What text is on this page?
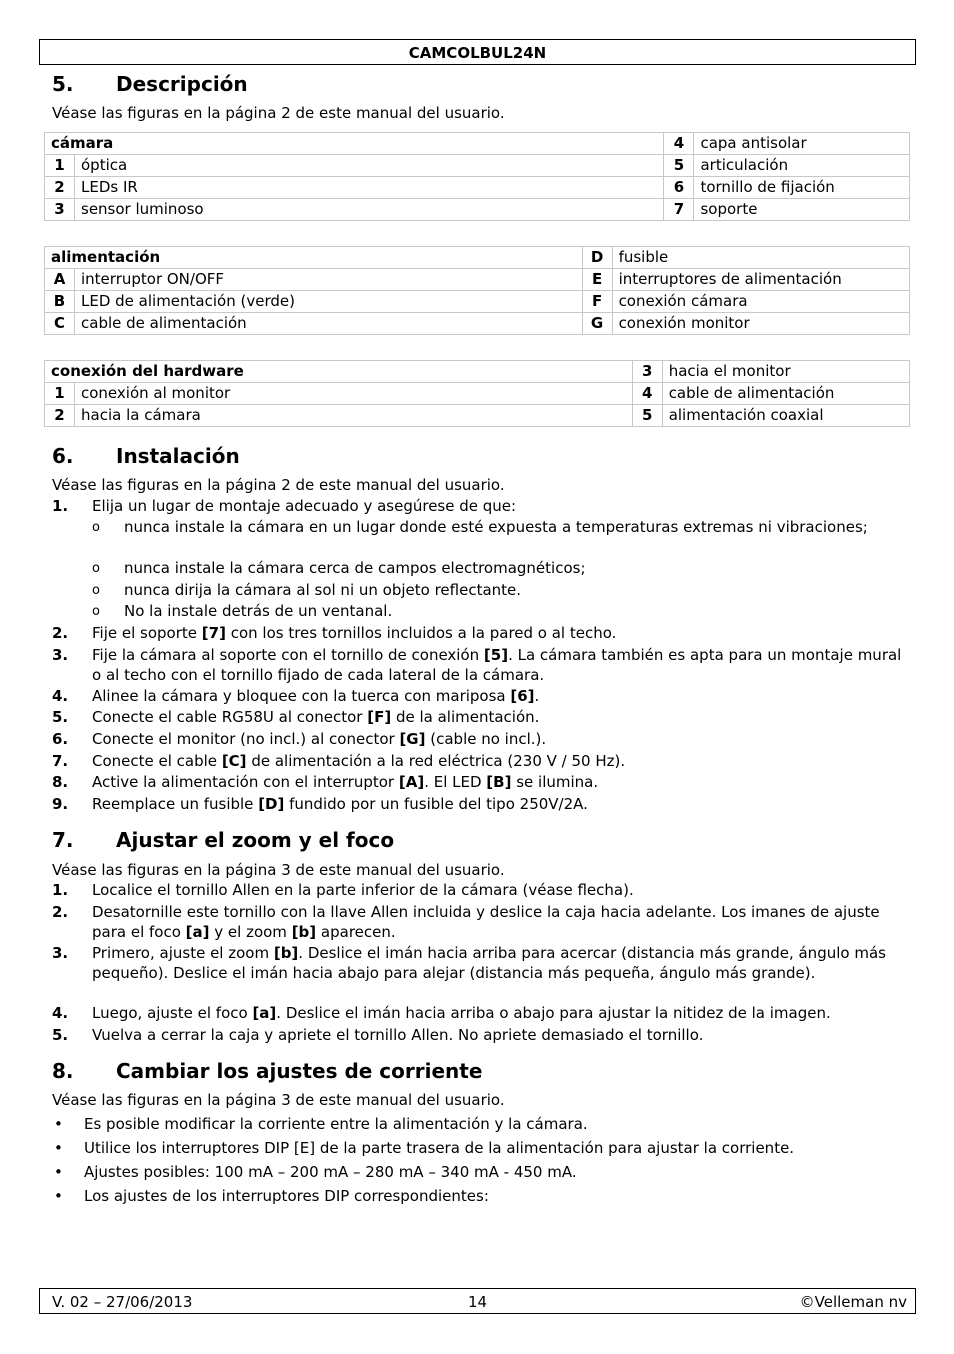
CAMCOLBUL24N
5. Descripción
Véase las figuras en la página 2 de este manual del usuario.
cámara		4	capa antisolar
1	óptica	5	articulación
2	LEDs IR	6	tornillo de fijación
3	sensor luminoso	7	soporte
alimentación		D	fusible
A	interruptor ON/OFF	E	interruptores de alimentación
B	LED de alimentación (verde)	F	conexión cámara
C	cable de alimentación	G	conexión monitor
conexión del hardware		3	hacia el monitor
1	conexión al monitor	4	cable de alimentación
2	hacia la cámara	5	alimentación coaxial
6. Instalación
Véase las figuras en la página 2 de este manual del usuario.
1. Elija un lugar de montaje adecuado y asegúrese de que:
o nunca instale la cámara en un lugar donde esté expuesta a temperaturas extremas ni vibraciones;
o nunca instale la cámara cerca de campos electromagnéticos;
o nunca dirija la cámara al sol ni un objeto reflectante.
o No la instale detrás de un ventanal.
2. Fije el soporte [7] con los tres tornillos incluidos a la pared o al techo.
3. Fije la cámara al soporte con el tornillo de conexión [5]. La cámara también es apta para un montaje mural o al techo con el tornillo fijado de cada lateral de la cámara.
4. Alinee la cámara y bloquee con la tuerca con mariposa [6].
5. Conecte el cable RG58U al conector [F] de la alimentación.
6. Conecte el monitor (no incl.) al conector [G] (cable no incl.).
7. Conecte el cable [C] de alimentación a la red eléctrica (230 V / 50 Hz).
8. Active la alimentación con el interruptor [A]. El LED [B] se ilumina.
9. Reemplace un fusible [D] fundido por un fusible del tipo 250V/2A.
7. Ajustar el zoom y el foco
Véase las figuras en la página 3 de este manual del usuario.
1. Localice el tornillo Allen en la parte inferior de la cámara (véase flecha).
2. Desatornille este tornillo con la llave Allen incluida y deslice la caja hacia adelante. Los imanes de ajuste para el foco [a] y el zoom [b] aparecen.
3. Primero, ajuste el zoom [b]. Deslice el imán hacia arriba para acercar (distancia más grande, ángulo más pequeño). Deslice el imán hacia abajo para alejar (distancia más pequeña, ángulo más grande).
4. Luego, ajuste el foco [a]. Deslice el imán hacia arriba o abajo para ajustar la nitidez de la imagen.
5. Vuelva a cerrar la caja y apriete el tornillo Allen. No apriete demasiado el tornillo.
8. Cambiar los ajustes de corriente
Véase las figuras en la página 3 de este manual del usuario.
• Es posible modificar la corriente entre la alimentación y la cámara.
• Utilice los interruptores DIP [E] de la parte trasera de la alimentación para ajustar la corriente.
• Ajustes posibles: 100 mA – 200 mA – 280 mA – 340 mA - 450 mA.
• Los ajustes de los interruptores DIP correspondientes:
V. 02 – 27/06/2013	14	©Velleman nv
